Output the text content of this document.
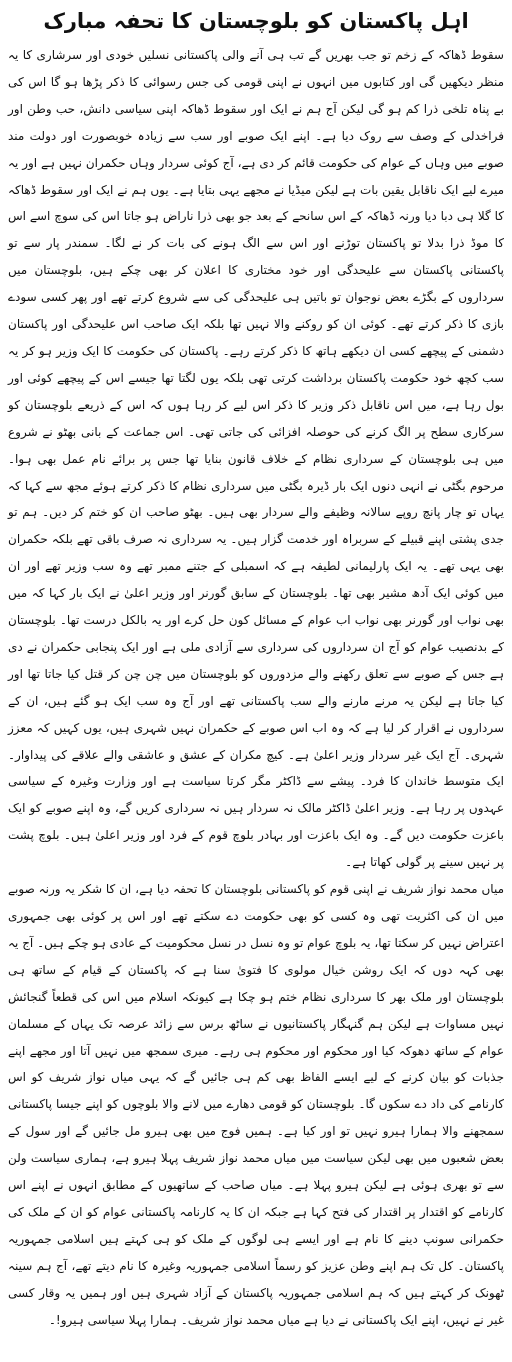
اہل پاکستان کو بلوچستان کا تحفہ مبارک

سقوط ڈھاکہ کے زخم تو جب بھریں گے تب ہی آنے والی پاکستانی نسلیں خودی اور سرشاری کا یہ منظر دیکھیں گی اور کتابوں میں انہوں نے اپنی قومی کی جس رسوائی کا ذکر پڑھا ہو گا اس کی بے پناہ تلخی ذرا کم ہو گی لیکن آج ہم نے ایک اور سقوط ڈھاکہ اپنی سیاسی دانش، حب وطن اور فراخدلی کے وصف سے روک دیا ہے۔ اپنے ایک صوبے اور سب سے زیادہ خوبصورت اور دولت مند صوبے میں وہاں کے عوام کی حکومت قائم کر دی ہے، آج کوئی سردار وہاں حکمران نہیں ہے اور یہ میرے لیے ایک ناقابل یقین بات ہے لیکن میڈیا نے مجھے یہی بتایا ہے۔ یوں ہم نے ایک اور سقوط ڈھاکہ کا گلا ہی دبا دیا ورنہ ڈھاکہ کے اس سانحے کے بعد جو بھی ذرا ناراض ہو جاتا اس کی سوچ اسے اس کا موڈ ذرا بدلا تو پاکستان توڑنے اور اس سے الگ ہونے کی بات کر نے لگا۔ سمندر پار سے تو پاکستانی پاکستان سے علیحدگی اور خود مختاری کا اعلان کر بھی چکے ہیں، بلوچستان میں سرداروں کے بگڑے بعض نوجوان تو باتیں ہی علیحدگی کی سے شروع کرتے تھے اور پھر کسی سودے بازی کا ذکر کرتے تھے۔ کوئی ان کو روکنے والا نہیں تھا بلکہ ایک صاحب اس علیحدگی اور پاکستان دشمنی کے پیچھے کسی ان دیکھے ہاتھ کا ذکر کرتے رہے۔ پاکستان کی حکومت کا ایک وزیر ہو کر یہ سب کچھ خود حکومت پاکستان برداشت کرتی تھی بلکہ یوں لگتا تھا جیسے اس کے پیچھے کوئی اور بول رہا ہے، میں اس ناقابل ذکر وزیر کا ذکر اس لیے کر رہا ہوں کہ اس کے ذریعے بلوچستان کو سرکاری سطح پر الگ کرنے کی حوصلہ افزائی کی جاتی تھی۔ اس جماعت کے بانی بھٹو نے شروع میں ہی بلوچستان کے سرداری نظام کے خلاف قانون بنایا تھا جس پر برائے نام عمل بھی ہوا۔ مرحوم بگٹی نے انہی دنوں ایک بار ڈیرہ بگٹی میں سرداری نظام کا ذکر کرتے ہوئے مجھ سے کہا کہ یہاں تو چار پانچ روپے سالانہ وظیفے والے سردار بھی ہیں۔ بھٹو صاحب ان کو ختم کر دیں۔ ہم تو جدی پشتی اپنے قبیلے کے سربراہ اور خدمت گزار ہیں۔ یہ سرداری نہ صرف باقی تھے بلکہ حکمران بھی یہی تھے۔ یہ ایک پارلیمانی لطیفہ ہے کہ اسمبلی کے جتنے ممبر تھے وہ سب وزیر تھے اور ان میں کوئی ایک آدھ مشیر بھی تھا۔ بلوچستان کے سابق گورنر اور وزیر اعلیٰ نے ایک بار کہا کہ میں بھی نواب اور گورنر بھی نواب اب عوام کے مسائل کون حل کرے اور یہ بالکل درست تھا۔ بلوچستان کے بدنصیب عوام کو آج ان سرداروں کی سرداری سے آزادی ملی ہے اور ایک پنجابی حکمران نے دی ہے جس کے صوبے سے تعلق رکھنے والے مزدوروں کو بلوچستان میں چن چن کر قتل کیا جاتا تھا اور کیا جاتا ہے لیکن یہ مرنے مارنے والے سب پاکستانی تھے اور آج وہ سب ایک ہو گئے ہیں، ان کے سرداروں نے اقرار کر لیا ہے کہ وہ اب اس صوبے کے حکمران نہیں شہری ہیں، یوں کہیں کہ معزز شہری۔ آج ایک غیر سردار وزیر اعلیٰ ہے۔ کیچ مکران کے عشق و عاشقی والے علاقے کی پیداوار۔ ایک متوسط خاندان کا فرد۔ پیشے سے ڈاکٹر مگر کرتا سیاست ہے اور وزارت وغیرہ کے سیاسی عہدوں پر رہا ہے۔ وزیر اعلیٰ ڈاکٹر مالک نہ سردار ہیں نہ سرداری کریں گے، وہ اپنے صوبے کو ایک باعزت حکومت دیں گے۔ وہ ایک باعزت اور بہادر بلوچ قوم کے فرد اور وزیر اعلیٰ ہیں۔ بلوچ پشت پر نہیں سینے پر گولی کھاتا ہے۔

میاں محمد نواز شریف نے اپنی قوم کو پاکستانی بلوچستان کا تحفہ دیا ہے، ان کا شکر یہ ورنہ صوبے میں ان کی اکثریت تھی وہ کسی کو بھی حکومت دے سکتے تھے اور اس پر کوئی بھی جمہوری اعتراض نہیں کر سکتا تھا، یہ بلوچ عوام تو وہ نسل در نسل محکومیت کے عادی ہو چکے ہیں۔ آج یہ بھی کہہ دوں کہ ایک روشن خیال مولوی کا فتویٰ سنا ہے کہ پاکستان کے قیام کے ساتھ ہی بلوچستان اور ملک بھر کا سرداری نظام ختم ہو چکا ہے کیونکہ اسلام میں اس کی قطعاً گنجائش نہیں مساوات ہے لیکن ہم گنہگار پاکستانیوں نے ساٹھ برس سے زائد عرصہ تک یہاں کے مسلمان عوام کے ساتھ دھوکہ کیا اور محکوم اور محکوم ہی رہے۔ میری سمجھ میں نہیں آتا اور مجھے اپنے جذبات کو بیان کرنے کے لیے ایسے الفاظ بھی کم ہی جائیں گے کہ یہی میاں نواز شریف کو اس کارنامے کی داد دے سکوں گا۔ بلوچستان کو قومی دھارے میں لانے والا بلوچوں کو اپنے جیسا پاکستانی سمجھنے والا ہمارا ہیرو نہیں تو اور کیا ہے۔ ہمیں فوج میں بھی ہیرو مل جائیں گے اور سول کے بعض شعبوں میں بھی لیکن سیاست میں میاں محمد نواز شریف پہلا ہیرو ہے، ہماری سیاست ولن سے تو بھری ہوئی ہے لیکن ہیرو پہلا ہے۔ میاں صاحب کے ساتھیوں کے مطابق انہوں نے اپنے اس کارنامے کو اقتدار پر اقتدار کی فتح کہا ہے جبکہ ان کا یہ کارنامہ پاکستانی عوام کو ان کے ملک کی حکمرانی سونپ دینے کا نام ہے اور ایسے ہی لوگوں کے ملک کو ہی کہتے ہیں اسلامی جمہوریہ پاکستان۔ کل تک ہم اپنے وطن عزیز کو رسماً اسلامی جمہوریہ وغیرہ کا نام دیتے تھے، آج ہم سینہ ٹھونک کر کہتے ہیں کہ ہم اسلامی جمہوریہ پاکستان کے آزاد شہری ہیں اور ہمیں یہ وقار کسی غیر نے نہیں، اپنے ایک پاکستانی نے دیا ہے میاں محمد نواز شریف۔ ہمارا پہلا سیاسی ہیرو!۔
